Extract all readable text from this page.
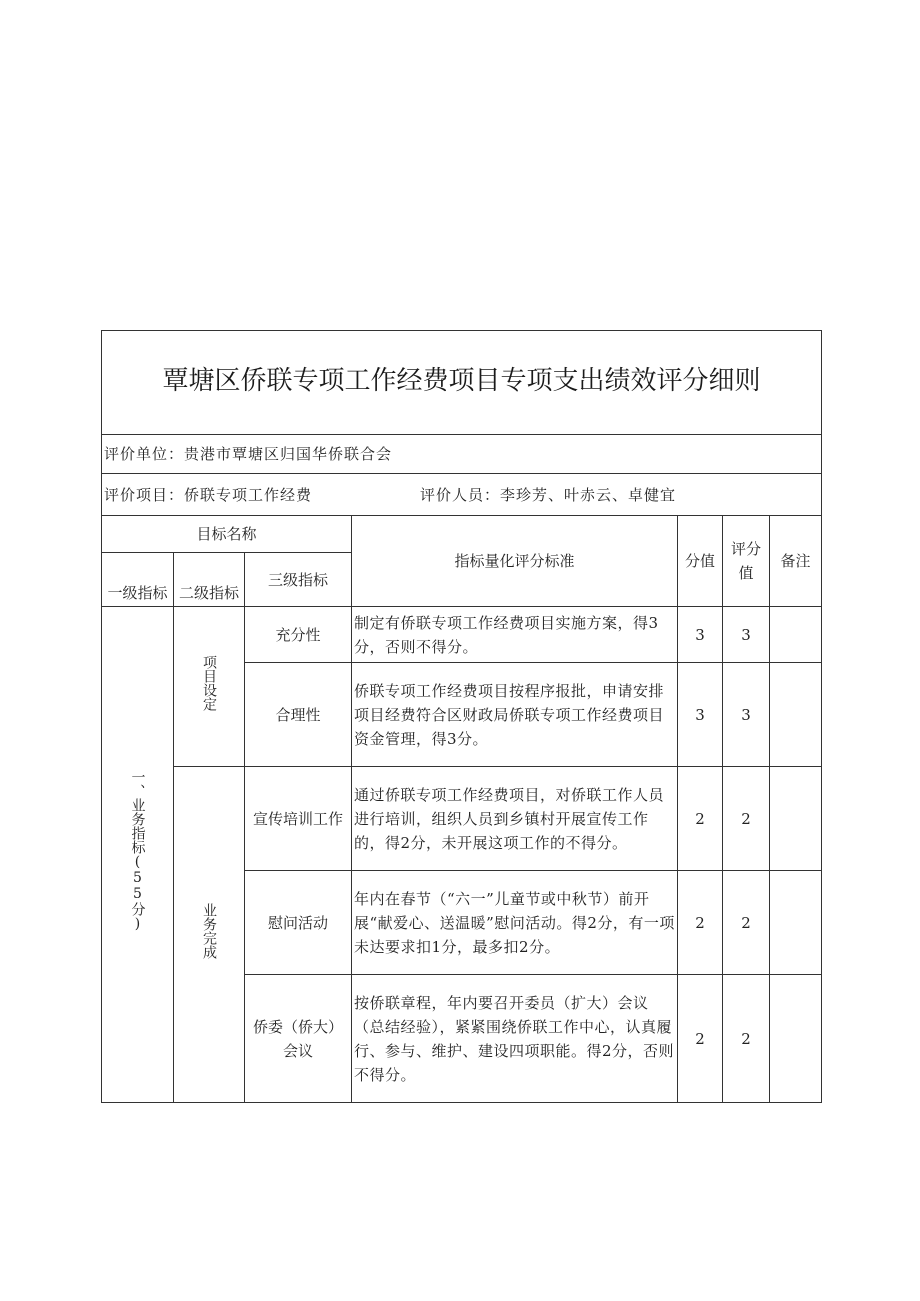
覃塘区侨联专项工作经费项目专项支出绩效评分细则						
评价单位：贵港市覃塘区归国华侨联合会						
评价项目：侨联专项工作经费 评价人员：李珍芳、叶赤云、卓健宜						
目标名称			指标量化评分标准	分值	评分值	备注
一级指标	二级指标	三级指标				
一、业务指标(55分)	项目设定	充分性	制定有侨联专项工作经费项目实施方案，得3分，否则不得分。	3	3	
		合理性	侨联专项工作经费项目按程序报批，申请安排项目经费符合区财政局侨联专项工作经费项目资金管理，得3分。	3	3	
	业务完成	宣传培训工作	通过侨联专项工作经费项目，对侨联工作人员进行培训，组织人员到乡镇村开展宣传工作的，得2分，未开展这项工作的不得分。	2	2	
		慰问活动	年内在春节（“六一”儿童节或中秋节）前开展“献爱心、送温暖”慰问活动。得2分，有一项未达要求扣1分，最多扣2分。	2	2	
		侨委（侨大）会议	按侨联章程，年内要召开委员（扩大）会议（总结经验），紧紧围绕侨联工作中心，认真履行、参与、维护、建设四项职能。得2分，否则不得分。	2	2	
